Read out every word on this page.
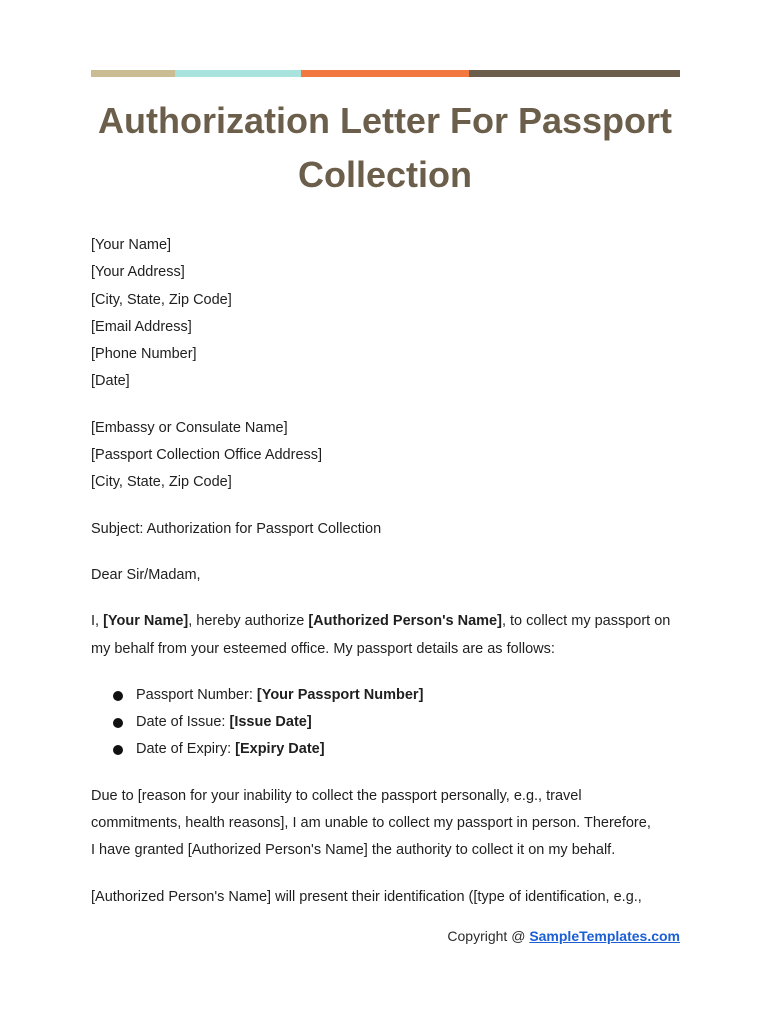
Authorization Letter For Passport
Collection
[Your Name]
[Your Address]
[City, State, Zip Code]
[Email Address]
[Phone Number]
[Date]
[Embassy or Consulate Name]
[Passport Collection Office Address]
[City, State, Zip Code]
Subject: Authorization for Passport Collection
Dear Sir/Madam,
I, [Your Name], hereby authorize [Authorized Person's Name], to collect my passport on
my behalf from your esteemed office. My passport details are as follows:
Passport Number: [Your Passport Number]
Date of Issue: [Issue Date]
Date of Expiry: [Expiry Date]
Due to [reason for your inability to collect the passport personally, e.g., travel
commitments, health reasons], I am unable to collect my passport in person. Therefore,
I have granted [Authorized Person's Name] the authority to collect it on my behalf.
[Authorized Person's Name] will present their identification ([type of identification, e.g.,
Copyright @ SampleTemplates.com
